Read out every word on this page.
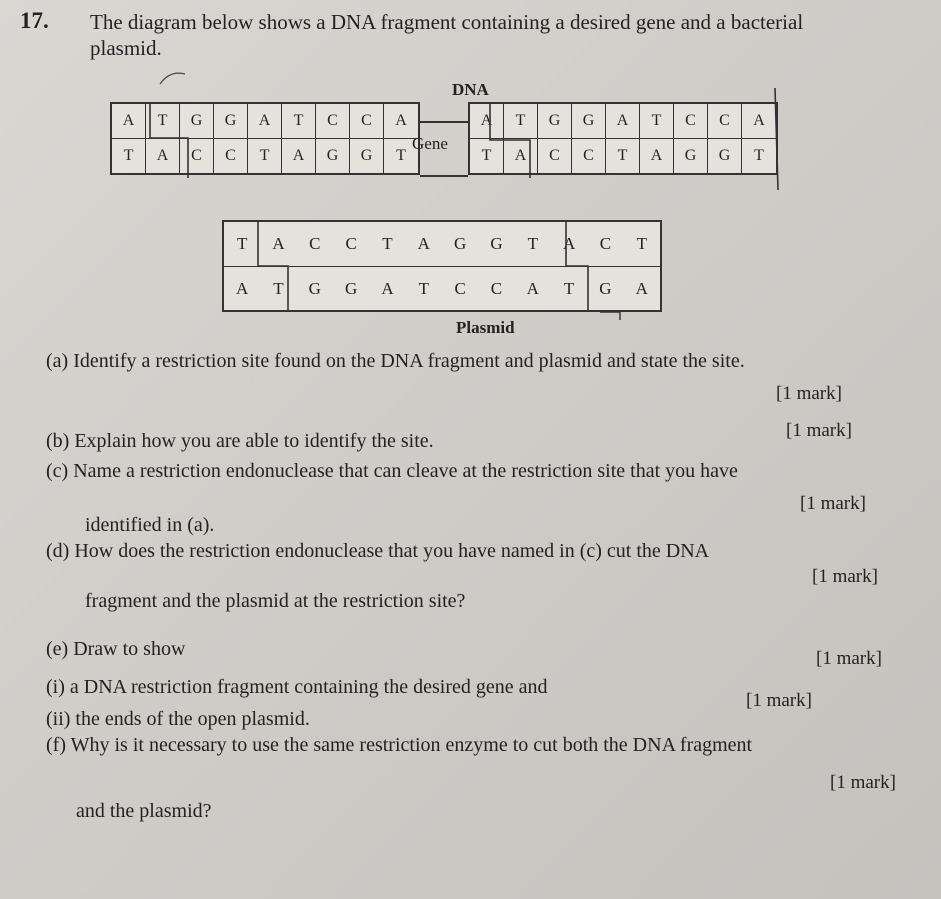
17. The diagram below shows a DNA fragment containing a desired gene and a bacterial
plasmid.
DNA
A	T	G	G	A	T	C	C	A
T	A	C	C	T	A	G	G	T
Gene
A	T	G	G	A	T	C	C	A
T	A	C	C	T	A	G	G	T
T	A	C	C	T	A	G	G	T	A	C	T
A	T	G	G	A	T	C	C	A	T	G	A
Plasmid
(a) Identify a restriction site found on the DNA fragment and plasmid and state the site.
[1 mark]
[1 mark]
(b) Explain how you are able to identify the site.
(c) Name a restriction endonuclease that can cleave at the restriction site that you have
[1 mark]
identified in (a).
(d) How does the restriction endonuclease that you have named in (c) cut the DNA
[1 mark]
fragment and the plasmid at the restriction site?
(e) Draw to show	[1 mark]
(i) a DNA restriction fragment containing the desired gene and
[1 mark]
(ii) the ends of the open plasmid.
(f) Why is it necessary to use the same restriction enzyme to cut both the DNA fragment
[1 mark]
and the plasmid?
